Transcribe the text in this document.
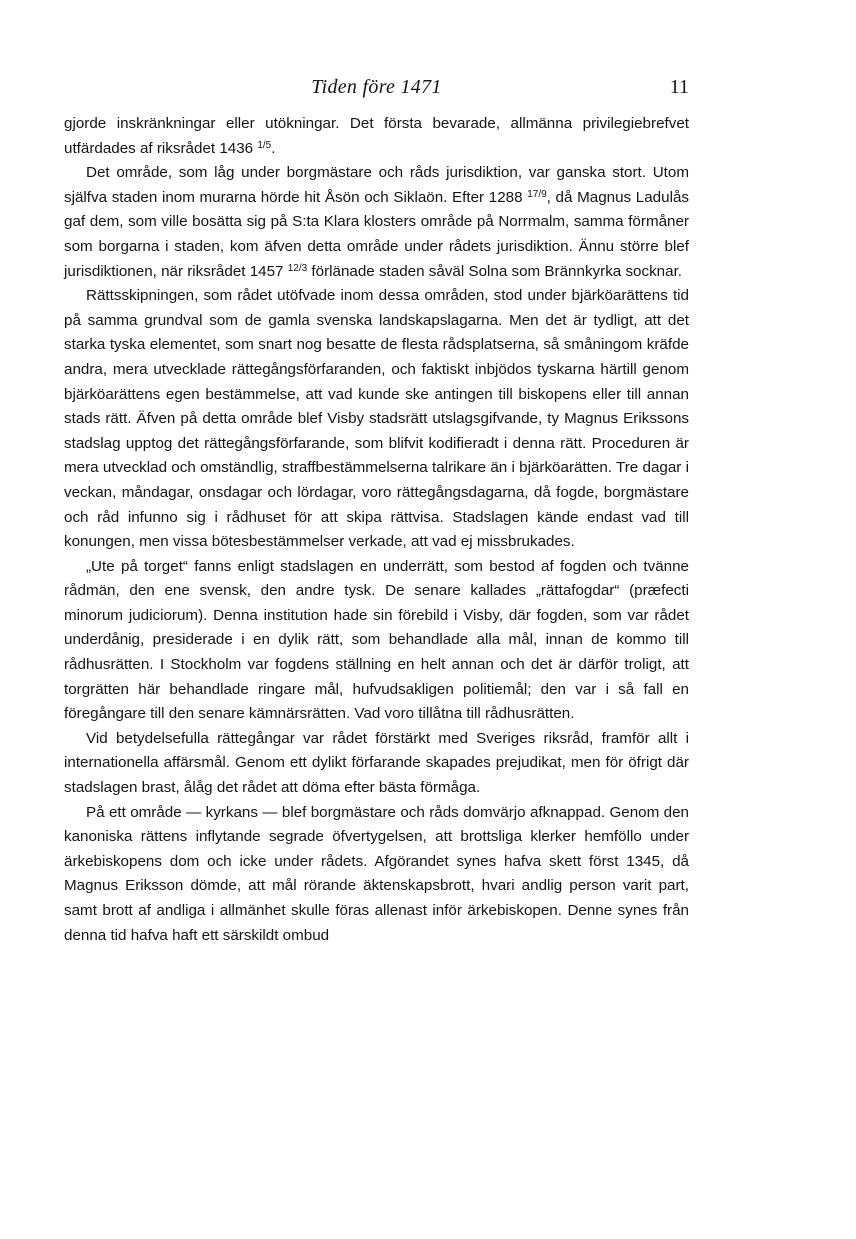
Tiden före 1471	11

gjorde inskränkningar eller utökningar. Det första bevarade, allmänna privilegiebrefvet utfärdades af riksrådet 1436 $^{1/5}$.

Det område, som låg under borgmästare och råds jurisdiktion, var ganska stort. Utom själfva staden inom murarna hörde hit Åsön och Siklaön. Efter 1288 $^{17/9}$, då Magnus Ladulås gaf dem, som ville bosätta sig på S:ta Klara klosters område på Norrmalm, samma förmåner som borgarna i staden, kom äfven detta område under rådets jurisdiktion. Ännu större blef jurisdiktionen, när riksrådet 1457 $^{12/3}$ förlänade staden såväl Solna som Brännkyrka socknar.

Rättsskipningen, som rådet utöfvade inom dessa områden, stod under bjärköarättens tid på samma grundval som de gamla svenska landskapslagarna. Men det är tydligt, att det starka tyska elementet, som snart nog besatte de flesta rådsplatserna, så småningom kräfde andra, mera utvecklade rättegångsförfaranden, och faktiskt inbjödos tyskarna härtill genom bjärköarättens egen bestämmelse, att vad kunde ske antingen till biskopens eller till annan stads rätt. Äfven på detta område blef Visby stadsrätt utslagsgifvande, ty Magnus Erikssons stadslag upptog det rättegångsförfarande, som blifvit kodifieradt i denna rätt. Proceduren är mera utvecklad och omständlig, straffbestämmelserna talrikare än i bjärköarätten. Tre dagar i veckan, måndagar, onsdagar och lördagar, voro rättegångsdagarna, då fogde, borgmästare och råd infunno sig i rådhuset för att skipa rättvisa. Stadslagen kände endast vad till konungen, men vissa bötesbestämmelser verkade, att vad ej missbrukades.

„Ute på torget“ fanns enligt stadslagen en underrätt, som bestod af fogden och tvänne rådmän, den ene svensk, den andre tysk. De senare kallades „rättafogdar“ (præfecti minorum judiciorum). Denna institution hade sin förebild i Visby, där fogden, som var rådet underdånig, presiderade i en dylik rätt, som behandlade alla mål, innan de kommo till rådhusrätten. I Stockholm var fogdens ställning en helt annan och det är därför troligt, att torgrätten här behandlade ringare mål, hufvudsakligen politiemål; den var i så fall en föregångare till den senare kämnärsrätten. Vad voro tillåtna till rådhusrätten.

Vid betydelsefulla rättegångar var rådet förstärkt med Sveriges riksråd, framför allt i internationella affärsmål. Genom ett dylikt förfarande skapades prejudikat, men för öfrigt där stadslagen brast, ålåg det rådet att döma efter bästa förmåga.

På ett område — kyrkans — blef borgmästare och råds domvärjo afknappad. Genom den kanoniska rättens inflytande segrade öfvertygelsen, att brottsliga klerker hemföllo under ärkebiskopens dom och icke under rådets. Afgörandet synes hafva skett först 1345, då Magnus Eriksson dömde, att mål rörande äktenskapsbrott, hvari andlig person varit part, samt brott af andliga i allmänhet skulle föras allenast inför ärkebiskopen. Denne synes från denna tid hafva haft ett särskildt ombud
